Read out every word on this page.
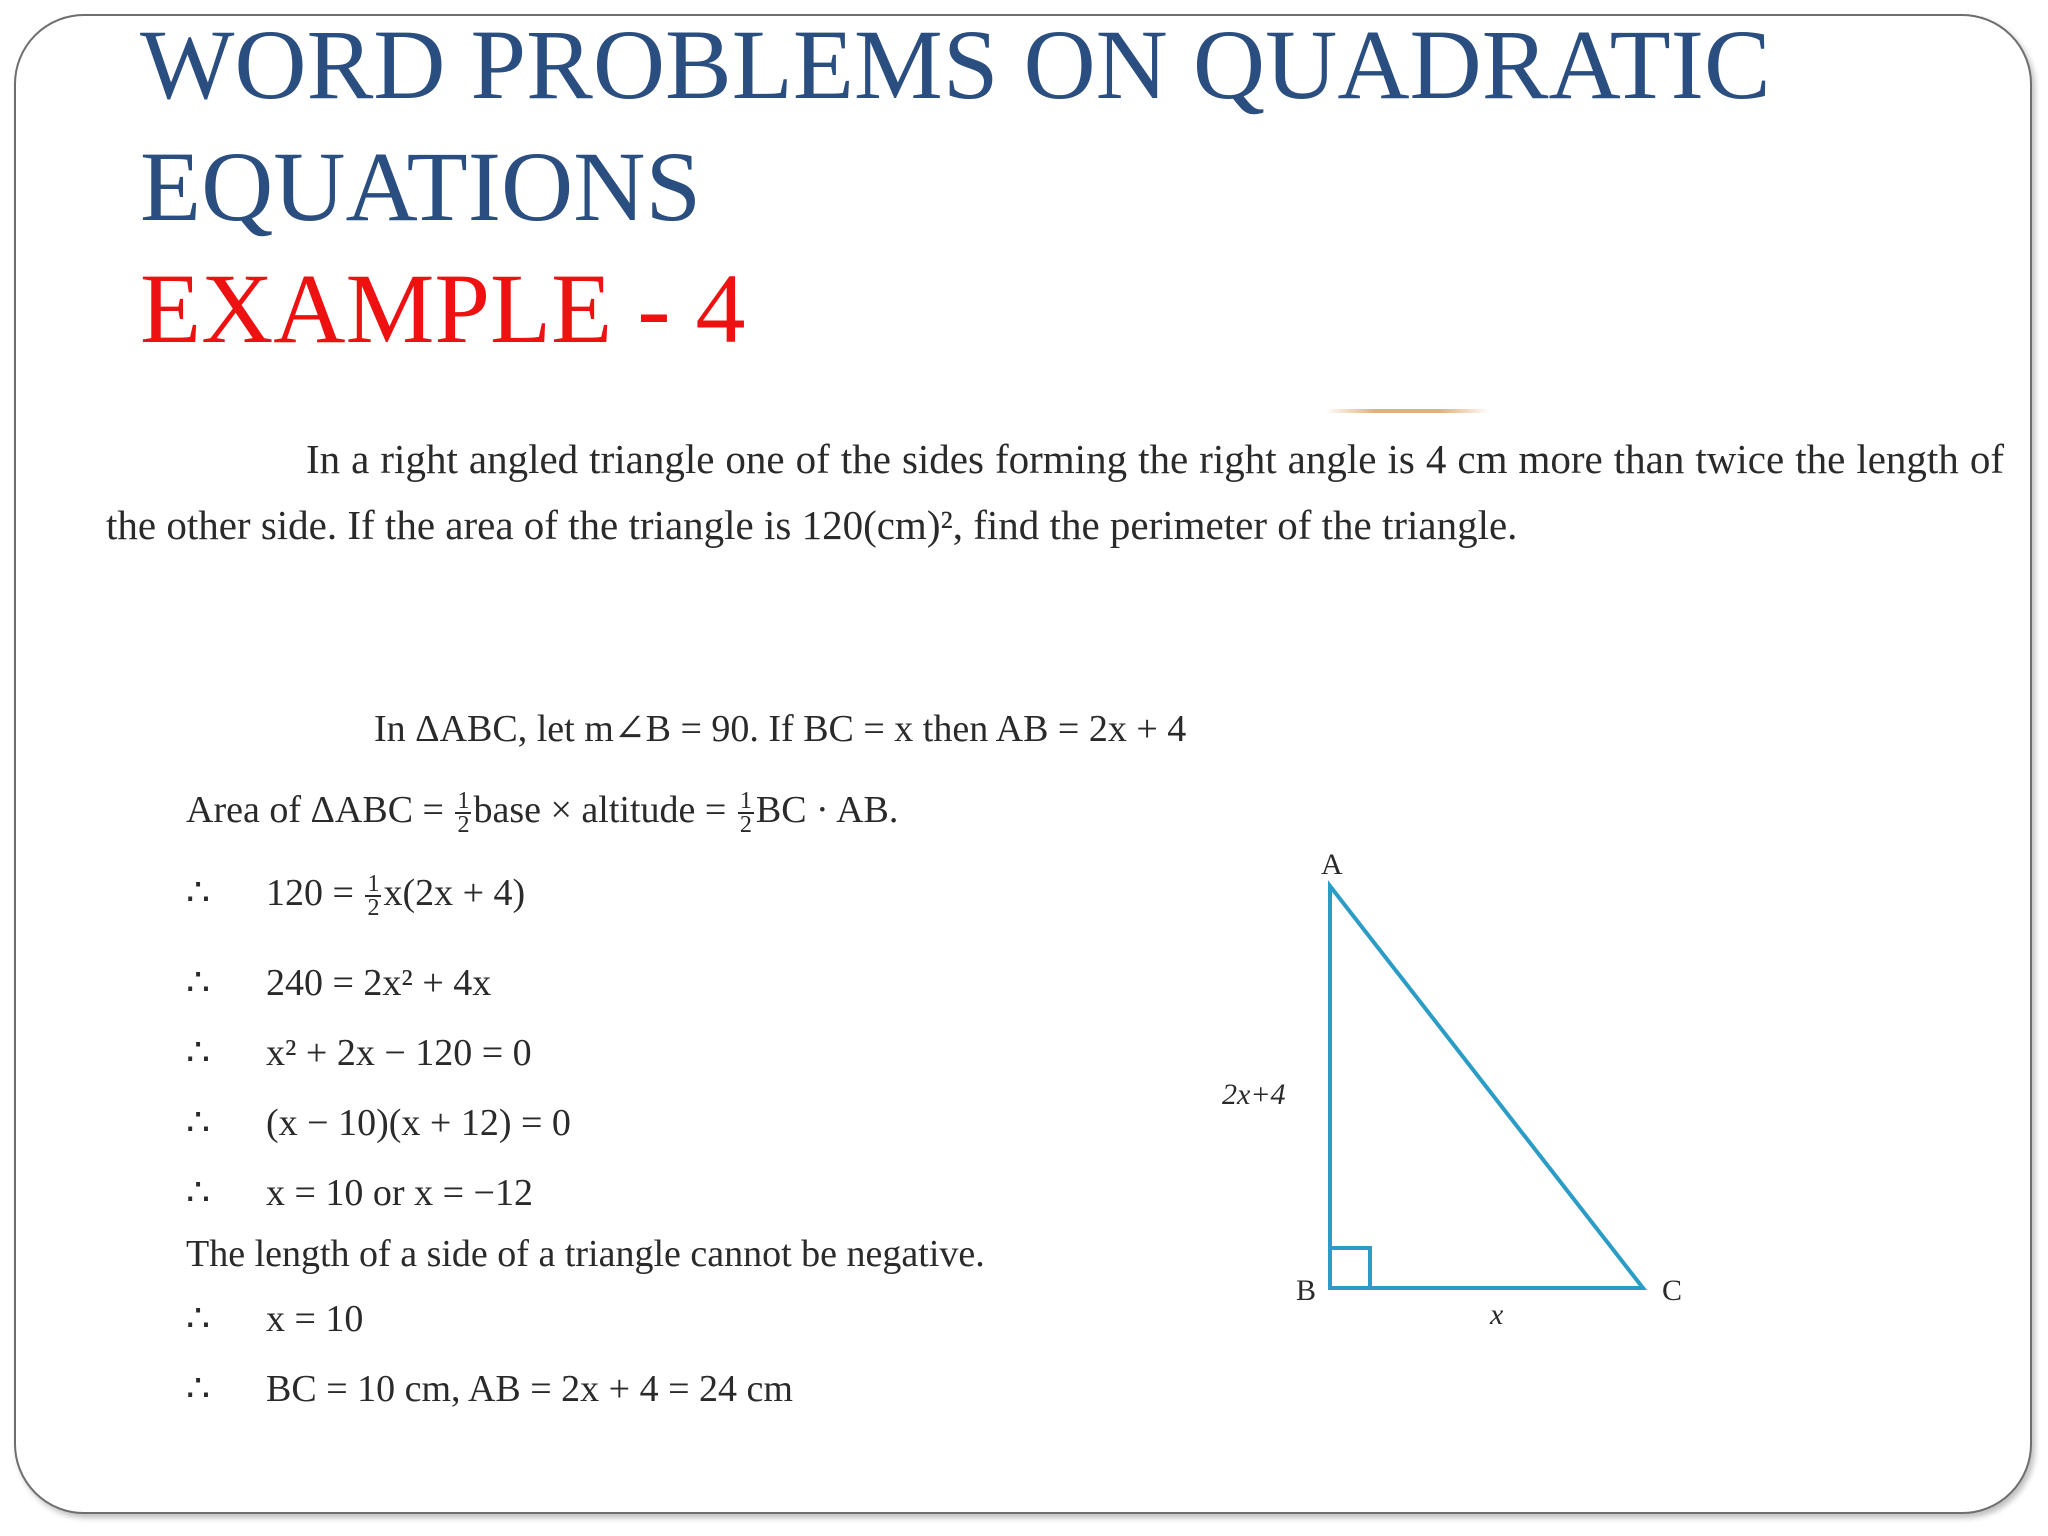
WORD PROBLEMS ON QUADRATIC
EQUATIONS
EXAMPLE - 4

In a right angled triangle one of the sides forming the right angle is 4 cm more than twice the length of the other side. If the area of the triangle is 120(cm)², find the perimeter of the triangle.

In ΔABC, let m∠B = 90. If BC = x then AB = 2x + 4
Area of $\Delta ABC = \frac{1}{2}$ base × altitude = $\frac{1}{2}$ BC · AB.
∴ $120 = \frac{1}{2} x(2x + 4)$
∴ 240 = 2x² + 4x
∴ x² + 2x − 120 = 0
∴ (x − 10)(x + 12) = 0
∴ x = 10 or x = −12
∴ x = 10
∴ BC = 10 cm, AB = 2x + 4 = 24 cm
The length of a side of a triangle cannot be negative.
A
B	C
2x+4
x
